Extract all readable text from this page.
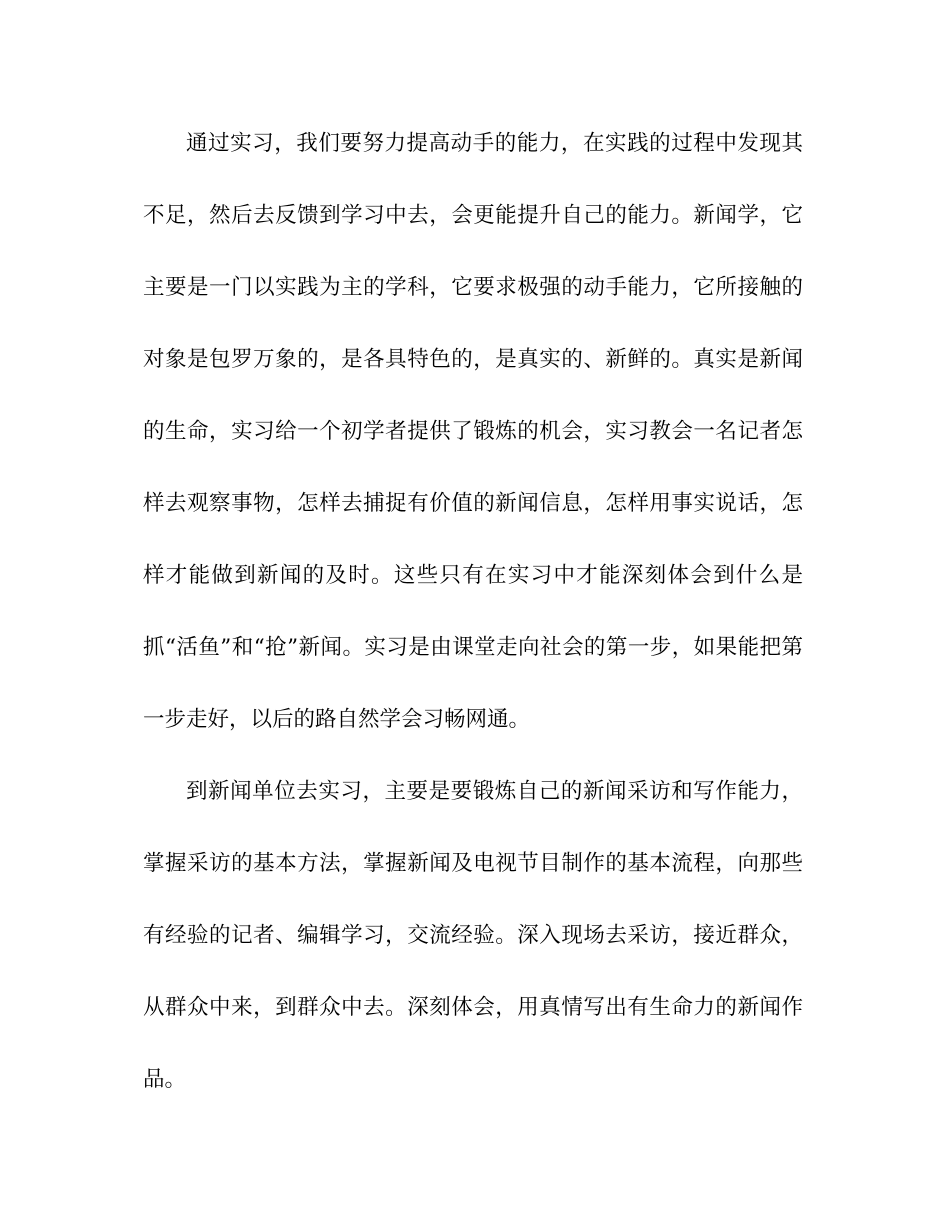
通过实习，我们要努力提高动手的能力，在实践的过程中发现其不足，然后去反馈到学习中去，会更能提升自己的能力。新闻学，它主要是一门以实践为主的学科，它要求极强的动手能力，它所接触的对象是包罗万象的，是各具特色的，是真实的、新鲜的。真实是新闻的生命，实习给一个初学者提供了锻炼的机会，实习教会一名记者怎样去观察事物，怎样去捕捉有价值的新闻信息，怎样用事实说话，怎样才能做到新闻的及时。这些只有在实习中才能深刻体会到什么是抓“活鱼”和“抢”新闻。实习是由课堂走向社会的第一步，如果能把第一步走好，以后的路自然学会习畅网通。

到新闻单位去实习，主要是要锻炼自己的新闻采访和写作能力，掌握采访的基本方法，掌握新闻及电视节目制作的基本流程，向那些有经验的记者、编辑学习，交流经验。深入现场去采访，接近群众，从群众中来，到群众中去。深刻体会，用真情写出有生命力的新闻作品。
